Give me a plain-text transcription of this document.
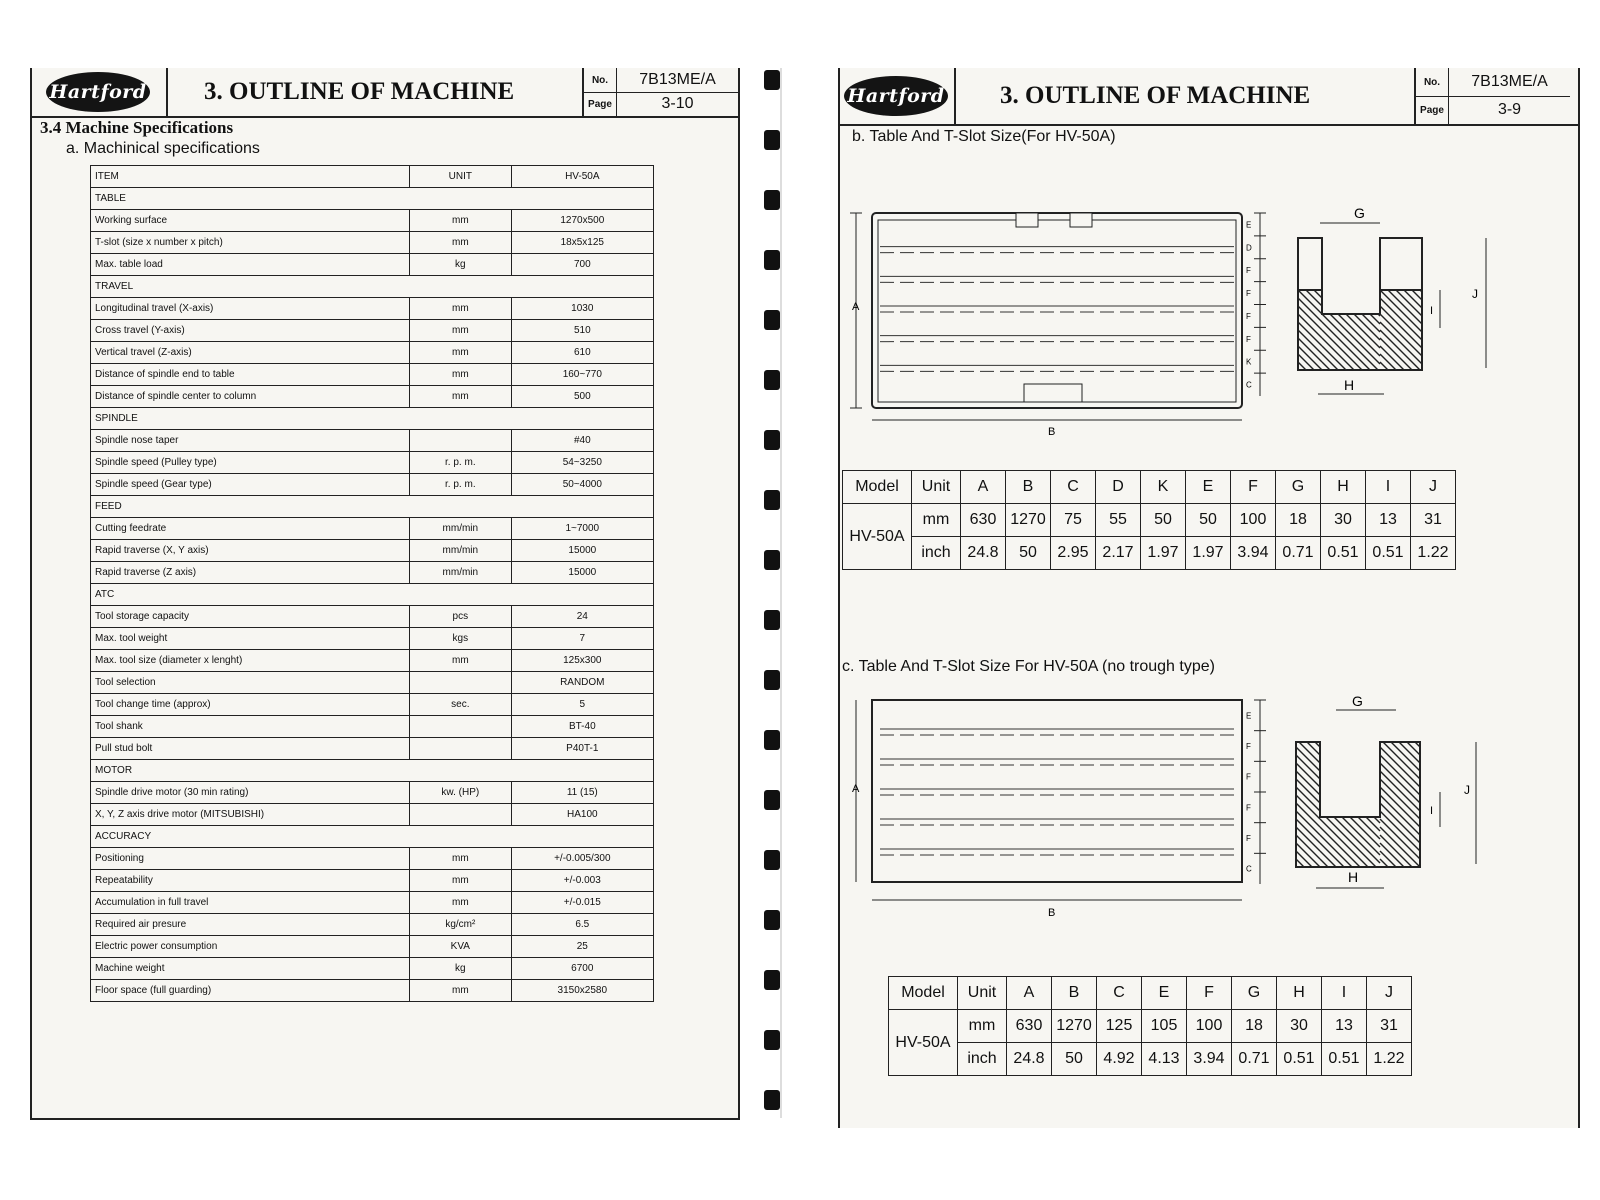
Hartford 3. OUTLINE OF MACHINE	No.	7B13ME/A
Page	3-10
3.4 Machine Specifications
a. Machinical specifications
ITEM	UNIT	HV-50A
TABLE		
Working surface	mm	1270x500
T-slot (size x number x pitch)	mm	18x5x125
Max. table load	kg	700
TRAVEL		
Longitudinal travel (X-axis)	mm	1030
Cross travel (Y-axis)	mm	510
Vertical travel (Z-axis)	mm	610
Distance of spindle end to table	mm	160~770
Distance of spindle center to column	mm	500
SPINDLE		
Spindle nose taper		#40
Spindle speed (Pulley type)	r. p. m.	54~3250
Spindle speed (Gear type)	r. p. m.	50~4000
FEED		
Cutting feedrate	mm/min	1~7000
Rapid traverse (X, Y axis)	mm/min	15000
Rapid traverse (Z axis)	mm/min	15000
ATC		
Tool storage capacity	pcs	24
Max. tool weight	kgs	7
Max. tool size (diameter x lenght)	mm	125x300
Tool selection		RANDOM
Tool change time (approx)	sec.	5
Tool shank		BT-40
Pull stud bolt		P40T-1
MOTOR		
Spindle drive motor (30 min rating)	kw. (HP)	11 (15)
X, Y, Z axis drive motor (MITSUBISHI)		HA100
ACCURACY		
Positioning	mm	+/-0.005/300
Repeatability	mm	+/-0.003
Accumulation in full travel	mm	+/-0.015
Required air presure	kg/cm²	6.5
Electric power consumption	KVA	25
Machine weight	kg	6700
Floor space (full guarding)	mm	3150x2580
Hartford 3. OUTLINE OF MACHINE	No.	7B13ME/A
Page	3-9
b. Table And T-Slot Size(For HV-50A)
A
E
D
F
F
F
F
K
C
B
G
H
I
J
Model	Unit	A	B	C	D	K	E	F	G	H	I	J
HV-50A	mm	630	1270	75	55	50	50	100	18	30	13	31
	inch	24.8	50	2.95	2.17	1.97	1.97	3.94	0.71	0.51	0.51	1.22
c. Table And T-Slot Size For HV-50A (no trough type)
A
E
F
F
F
F
C
B
G
H
I
J
Model	Unit	A	B	C	E	F	G	H	I	J
HV-50A	mm	630	1270	125	105	100	18	30	13	31
	inch	24.8	50	4.92	4.13	3.94	0.71	0.51	0.51	1.22
